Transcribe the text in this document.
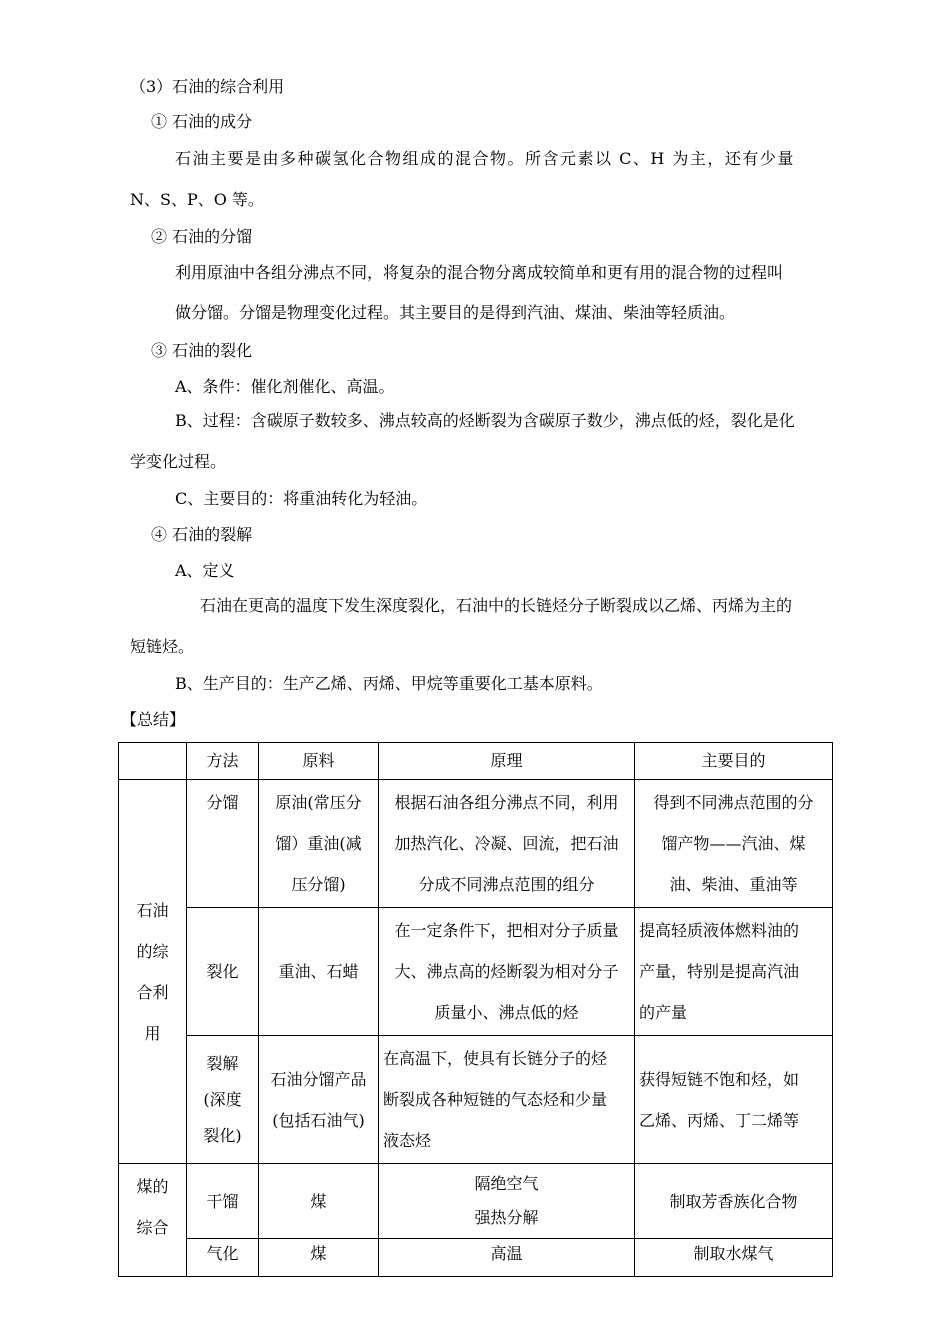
（3）石油的综合利用
① 石油的成分
石油主要是由多种碳氢化合物组成的混合物。所含元素以 C、H 为主，还有少量
N、S、P、O 等。
② 石油的分馏
利用原油中各组分沸点不同，将复杂的混合物分离成较简单和更有用的混合物的过程叫
做分馏。分馏是物理变化过程。其主要目的是得到汽油、煤油、柴油等轻质油。
③ 石油的裂化
A、条件：催化剂催化、高温。
B、过程：含碳原子数较多、沸点较高的烃断裂为含碳原子数少，沸点低的烃，裂化是化
学变化过程。
C、主要目的：将重油转化为轻油。
④ 石油的裂解
A、定义
石油在更高的温度下发生深度裂化，石油中的长链烃分子断裂成以乙烯、丙烯为主的
短链烃。
B、生产目的：生产乙烯、丙烯、甲烷等重要化工基本原料。
【总结】
	方法	原料	原理	主要目的

石油
的综
合利
用	分馏	原油(常压分
馏）重油(减
压分馏)	根据石油各组分沸点不同，利用
加热汽化、冷凝、回流，把石油
分成不同沸点范围的组分	得到不同沸点范围的分
馏产物——汽油、煤
油、柴油、重油等

	裂化	重油、石蜡	在一定条件下，把相对分子质量
大、沸点高的烃断裂为相对分子
质量小、沸点低的烃	提高轻质液体燃料油的
产量，特别是提高汽油
的产量

	裂解
(深度
裂化)	石油分馏产品
(包括石油气)	在高温下，使具有长链分子的烃
断裂成各种短链的气态烃和少量
液态烃	获得短链不饱和烃，如
乙烯、丙烯、丁二烯等

煤的
综合	干馏	煤	隔绝空气
强热分解	制取芳香族化合物

	气化	煤	高温	制取水煤气
